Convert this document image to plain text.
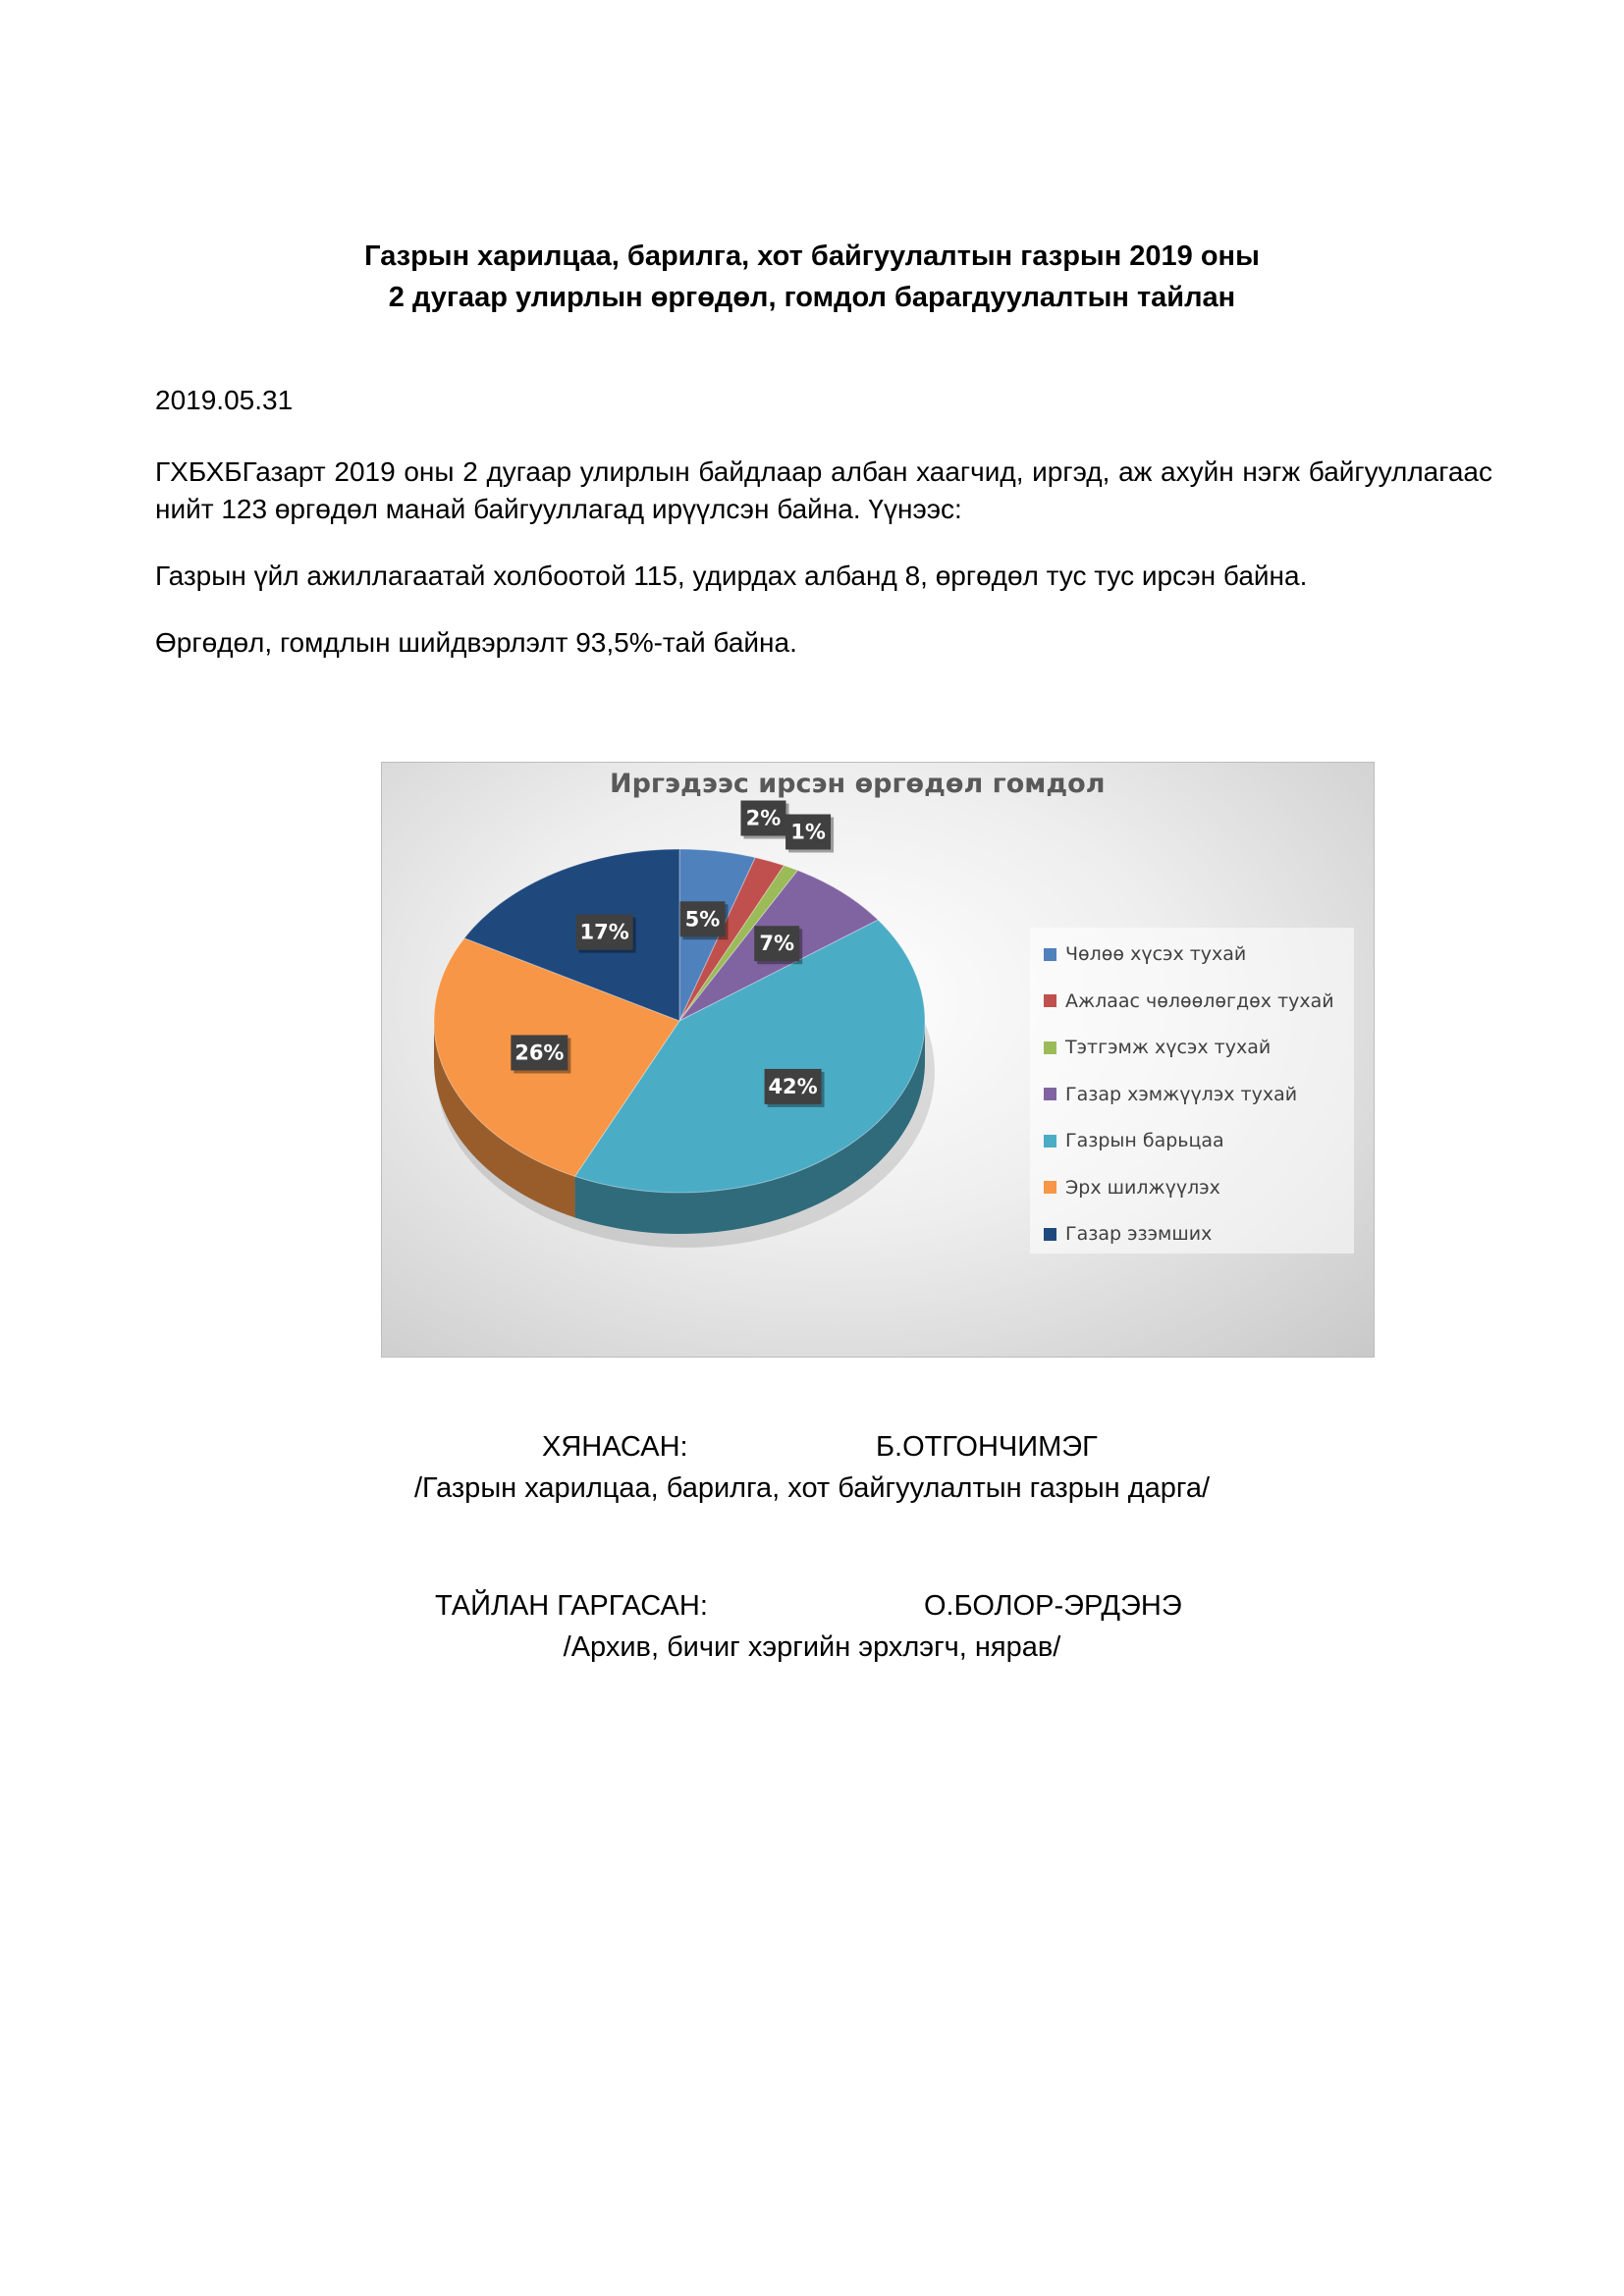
Газрын харилцаа, барилга, хот байгуулалтын газрын 2019 оны
2 дугаар улирлын өргөдөл, гомдол барагдуулалтын тайлан
2019.05.31
ГХБХБГазарт 2019 оны 2 дугаар улирлын байдлаар албан хаагчид, иргэд, аж ахуйн нэгж байгууллагаас нийт 123 өргөдөл манай байгууллагад ирүүлсэн байна. Үүнээс:
Газрын үйл ажиллагаатай холбоотой 115, удирдах албанд 8, өргөдөл тус тус ирсэн байна.
Өргөдөл, гомдлын шийдвэрлэлт 93,5%-тай байна.
5%
2%
1%
7%
42%
26%
17%
Иргэдээс ирсэн өргөдөл гомдол
Чөлөө хүсэх тухай
Ажлаас чөлөөлөгдөх тухай
Тэтгэмж хүсэх тухай
Газар хэмжүүлэх тухай
Газрын барьцаа
Эрх шилжүүлэх
Газар эзэмших
ХЯНАСАН:	Б.ОТГОНЧИМЭГ
/Газрын харилцаа, барилга, хот байгуулалтын газрын дарга/
ТАЙЛАН ГАРГАСАН:	О.БОЛОР-ЭРДЭНЭ
/Архив, бичиг хэргийн эрхлэгч, нярав/
